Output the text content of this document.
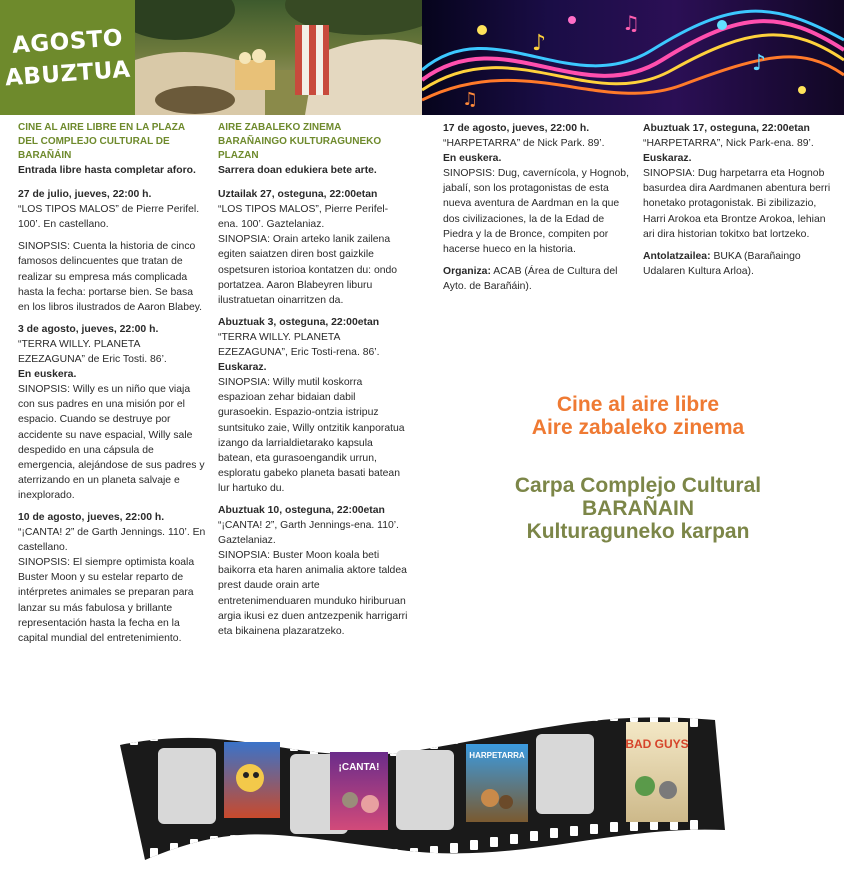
AGOSTO
ABUZTUA
♪
♫
♪
♫

CINE AL AIRE LIBRE EN LA PLAZA DEL COMPLEJO CULTURAL DE BARAÑÁIN

Entrada libre hasta completar aforo.

27 de julio, jueves, 22:00 h.
“LOS TIPOS MALOS” de Pierre Perifel. 100’. En castellano.

SINOPSIS: Cuenta la historia de cinco famosos delincuentes que tratan de realizar su empresa más complicada hasta la fecha: portarse bien. Se basa en los libros ilustrados de Aaron Blabey.

3 de agosto, jueves, 22:00 h.
“TERRA WILLY. PLANETA EZEZAGUNA” de Eric Tosti. 86’.
En euskera.

SINOPSIS: Willy es un niño que viaja con sus padres en una misión por el espacio. Cuando se destruye por accidente su nave espacial, Willy sale despedido en una cápsula de emergencia, alejándose de sus padres y aterrizando en un planeta salvaje e inexplorado.

10 de agosto, jueves, 22:00 h.
“¡CANTA! 2” de Garth Jennings. 110’. En castellano.

SINOPSIS: El siempre optimista koala Buster Moon y su estelar reparto de intérpretes animales se preparan para lanzar su más fabulosa y brillante representación hasta la fecha en la capital mundial del entretenimiento.

AIRE ZABALEKO ZINEMA BARAÑAINGO KULTURAGUNEKO PLAZAN

Sarrera doan edukiera bete arte.

Uztailak 27, osteguna, 22:00etan
“LOS TIPOS MALOS”, Pierre Perifel-ena. 100’. Gaztelaniaz.

SINOPSIA: Orain arteko lanik zailena egiten saiatzen diren bost gaizkile ospetsuren istorioa kontatzen du: ondo portatzea. Aaron Blabeyren liburu ilustratuetan oinarritzen da.

Abuztuak 3, osteguna, 22:00etan
“TERRA WILLY. PLANETA EZEZAGUNA”, Eric Tosti-rena. 86’.
Euskaraz.

SINOPSIA: Willy mutil koskorra espazioan zehar bidaian dabil gurasoekin. Espazio-ontzia istripuz suntsituko zaie, Willy ontzitik kanporatua izango da larrialdietarako kapsula batean, eta gurasoengandik urrun, esploratu gabeko planeta basati batean lur hartuko du.

Abuztuak 10, osteguna, 22:00etan
“¡CANTA! 2”, Garth Jennings-ena. 110’. Gaztelaniaz.

SINOPSIA: Buster Moon koala beti baikorra eta haren animalia aktore taldea prest daude orain arte entretenimenduaren munduko hiriburuan argia ikusi ez duen antzezpenik harrigarri eta bikainena plazaratzeko.

17 de agosto, jueves, 22:00 h.
“HARPETARRA” de Nick Park. 89’.
En euskera.

SINOPSIS: Dug, cavernícola, y Hognob, jabalí, son los protagonistas de esta nueva aventura de Aardman en la que dos civilizaciones, la de la Edad de Piedra y la de Bronce, compiten por hacerse hueco en la historia.

Organiza: ACAB (Área de Cultura del Ayto. de Barañáin).

Abuztuak 17, osteguna, 22:00etan
“HARPETARRA”, Nick Park-ena. 89’.
Euskaraz.

SINOPSIA: Dug harpetarra eta Hognob basurdea dira Aardmanen abentura berri honetako protagonistak. Bi zibilizazio, Harri Arokoa eta Brontze Arokoa, lehian ari dira historian tokitxo bat lortzeko.

Antolatzailea: BUKA (Barañaingo Udalaren Kultura Arloa).

Cine al aire libre
Aire zabaleko zinema
Carpa Complejo Cultural
BARAÑAIN
Kulturaguneko karpan
¡CANTA!
HARPETARRA
BAD GUYS
